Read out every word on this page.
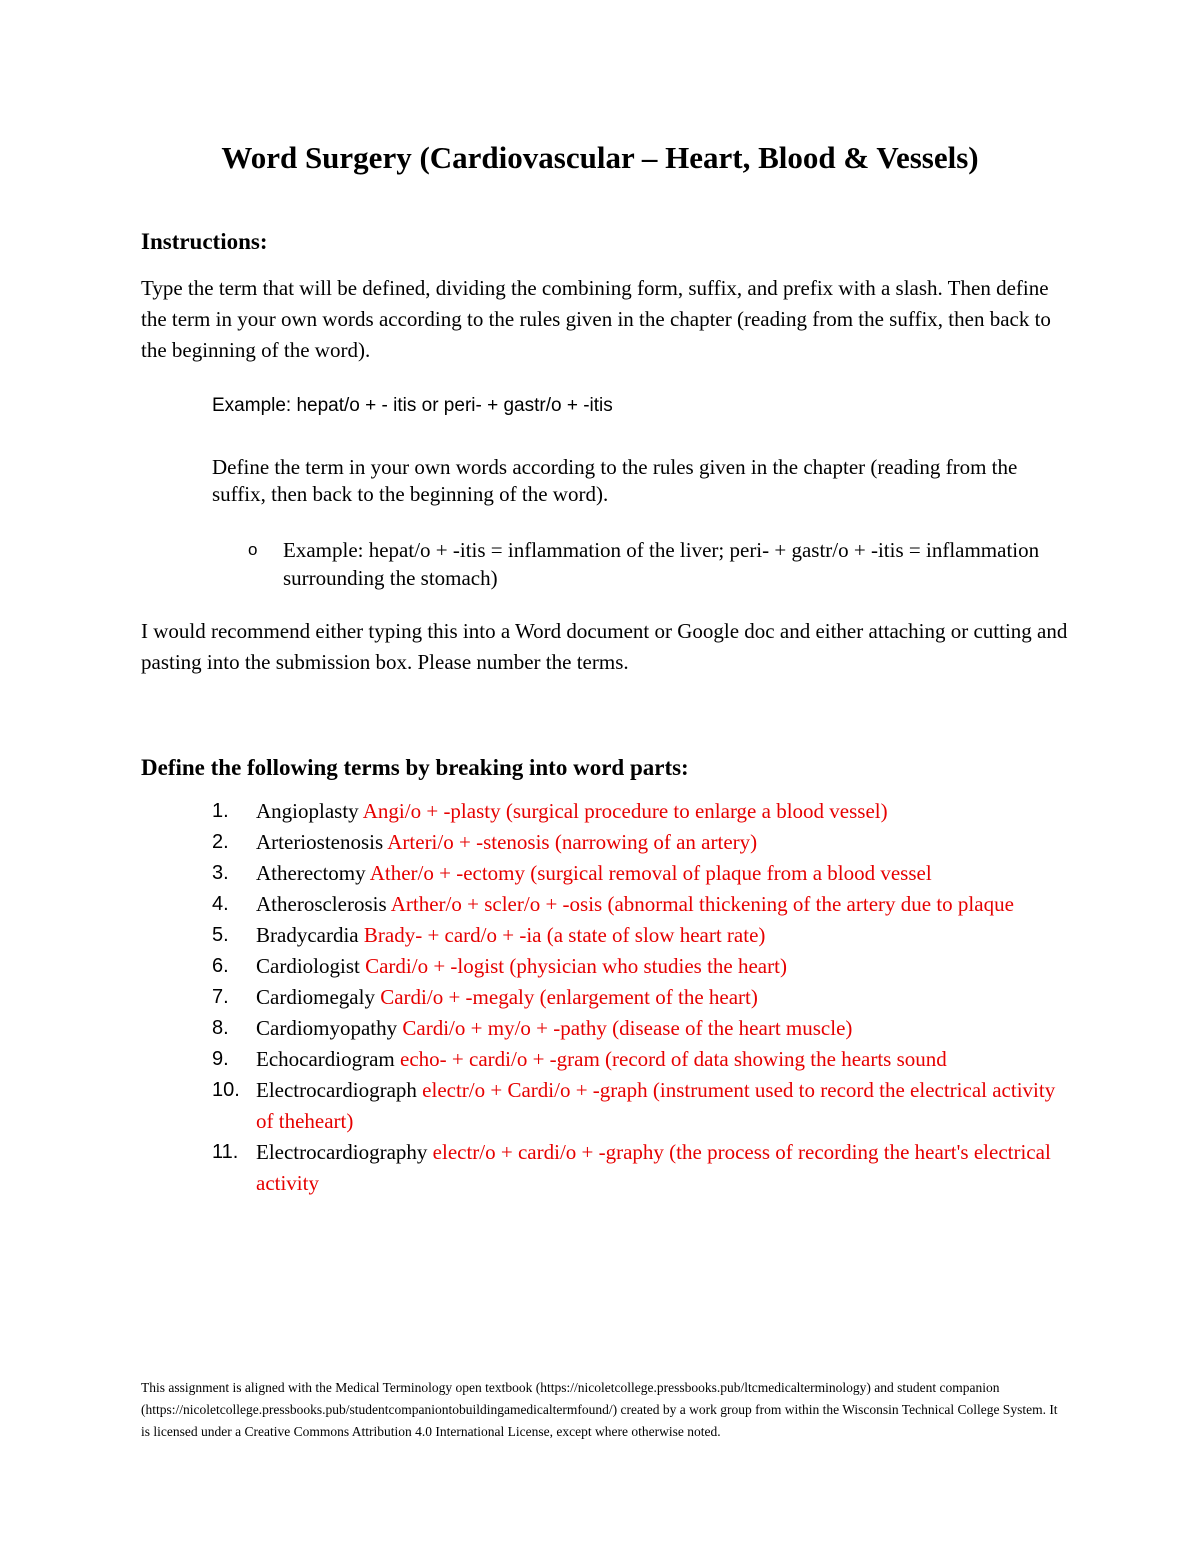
Word Surgery (Cardiovascular – Heart, Blood & Vessels)
Instructions:
Type the term that will be defined, dividing the combining form, suffix, and prefix with a slash. Then define the term in your own words according to the rules given in the chapter (reading from the suffix, then back to the beginning of the word).
Example: hepat/o + - itis or peri- + gastr/o + -itis
Define the term in your own words according to the rules given in the chapter (reading from the suffix, then back to the beginning of the word).
o Example: hepat/o + -itis = inflammation of the liver; peri- + gastr/o + -itis = inflammation surrounding the stomach)
I would recommend either typing this into a Word document or Google doc and either attaching or cutting and pasting into the submission box. Please number the terms.
Define the following terms by breaking into word parts:
1.	Angioplasty Angi/o + -plasty (surgical procedure to enlarge a blood vessel)
2.	Arteriostenosis Arteri/o + -stenosis (narrowing of an artery)
3.	Atherectomy Ather/o + -ectomy (surgical removal of plaque from a blood vessel
4.	Atherosclerosis Arther/o + scler/o + -osis (abnormal thickening of the artery due to plaque
5.	Bradycardia Brady- + card/o + -ia (a state of slow heart rate)
6.	Cardiologist Cardi/o + -logist (physician who studies the heart)
7.	Cardiomegaly Cardi/o + -megaly (enlargement of the heart)
8.	Cardiomyopathy Cardi/o + my/o + -pathy (disease of the heart muscle)
9.	Echocardiogram echo- + cardi/o + -gram (record of data showing the hearts sound
10. Electrocardiograph electr/o + Cardi/o + -graph (instrument used to record the electrical activity of theheart)
11. Electrocardiography electr/o + cardi/o + -graphy (the process of recording the heart's electrical activity
This assignment is aligned with the Medical Terminology open textbook (https://nicoletcollege.pressbooks.pub/ltcmedicalterminology) and student companion (https://nicoletcollege.pressbooks.pub/studentcompaniontobuildingamedicaltermfound/) created by a work group from within the Wisconsin Technical College System. It is licensed under a Creative Commons Attribution 4.0 International License, except where otherwise noted.
